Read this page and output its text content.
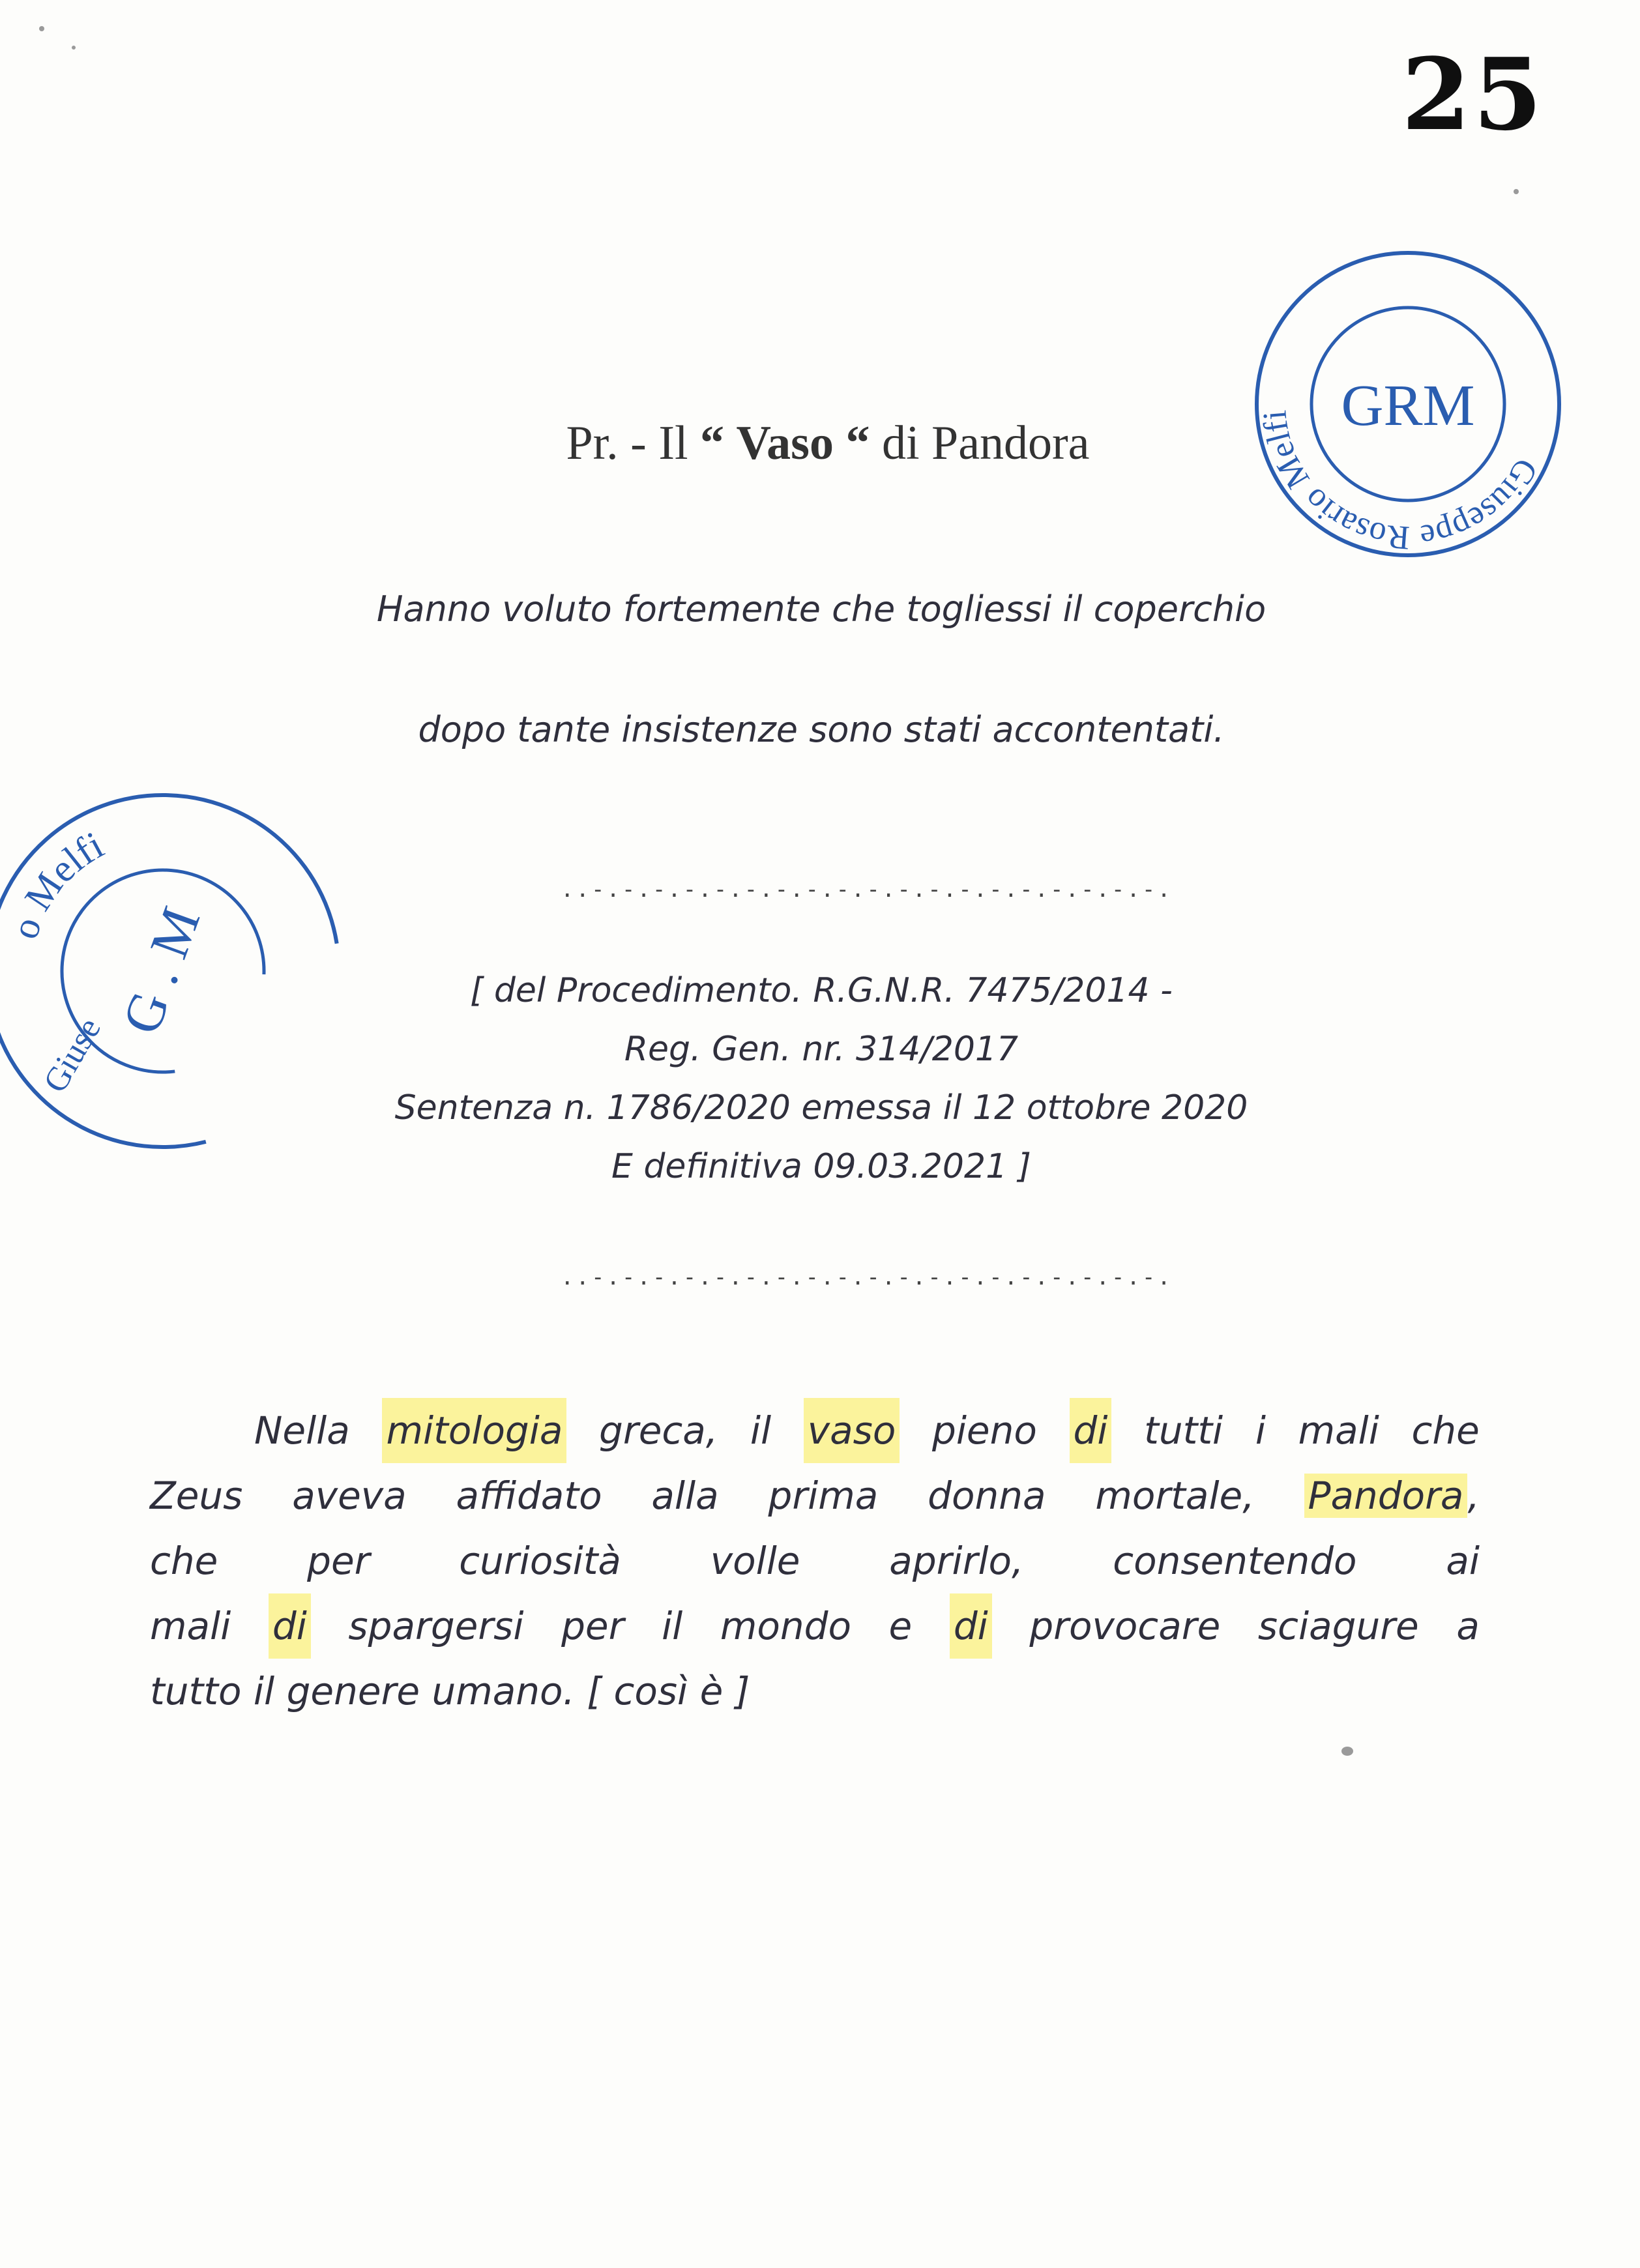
25
Giuseppe Rosario Melfi GRM
o Melfi
Giuse
G . M
Pr. - Il “ Vaso “ di Pandora
Hanno voluto fortemente che togliessi il coperchio
dopo tante insistenze sono stati accontentati.
..-.-.-.-.-.-.-.-.-.-.-.-.-.-.-.-.-.-.-.
[ del Procedimento. R.G.N.R. 7475/2014 -
Reg. Gen. nr. 314/2017
Sentenza n. 1786/2020 emessa il 12 ottobre 2020
E definitiva 09.03.2021 ]
..-.-.-.-.-.-.-.-.-.-.-.-.-.-.-.-.-.-.-.
Nella mitologia greca, il vaso pieno di tutti i mali che
Zeus aveva affidato alla prima donna mortale, Pandora ,
che per curiosità volle aprirlo, consentendo ai
mali di spargersi per il mondo e di provocare sciagure a
tutto il genere umano. [ così è ]
